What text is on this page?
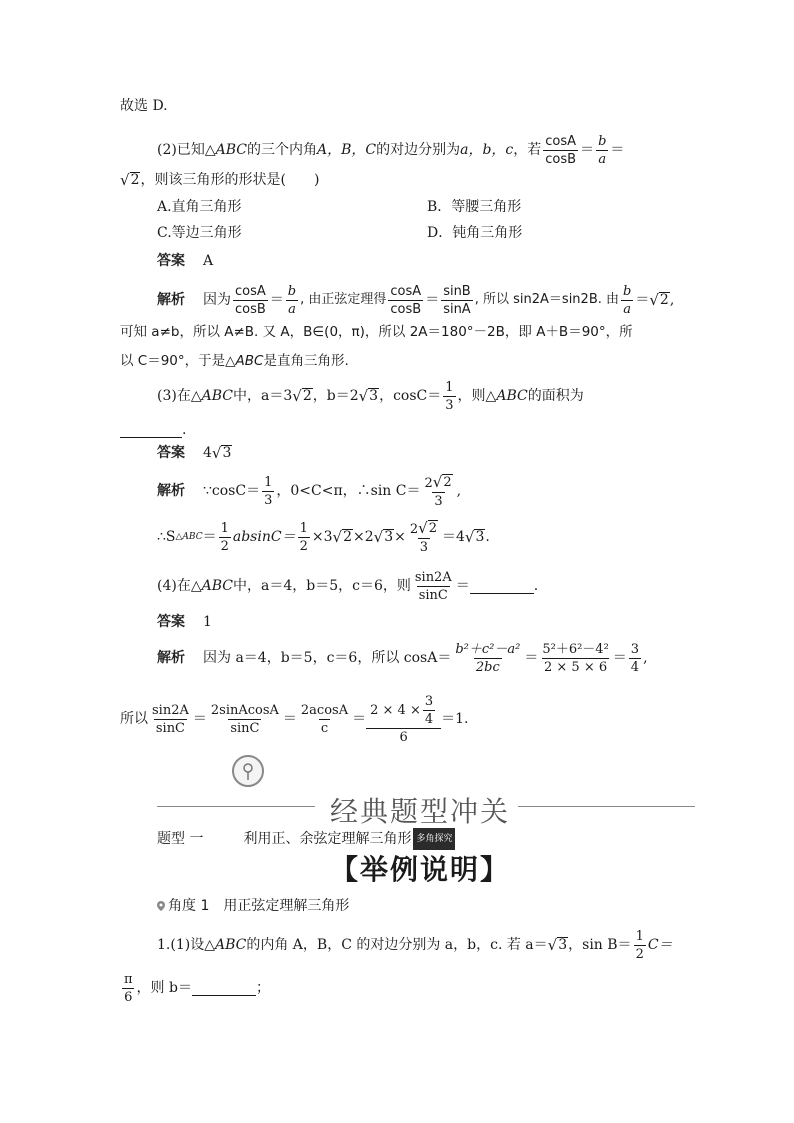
故选 D.
(2)已知△ ABC 的三个内角 A，B，C 的对边分别为 a，b，c ，若 $\frac{\cos A}{\cos B} = \frac{b}{a}$ ＝
√ 2 ，则该三角形的形状是(　　)
A.直角三角形	B．等腰三角形
C.等边三角形	D．钝角三角形
答案 A
解析 因为 $\frac{\cos A}{\cos B} = \frac{b}{a}$ , 由正弦定理得 $\frac{\cos A}{\cos B} = \frac{\sin B}{\sin A}$ , 所以 sin2A＝sin2B. 由 $\frac{b}{a}$ ＝ √ 2 ,
可知 a≠b，所以 A≠B. 又 A，B∈(0，π)，所以 2A＝180°－2B，即 A＋B＝90°，所
以 C＝90°，于是△ ABC 是直角三角形.
(3)在△ ABC 中，a＝3 √ 2 ，b＝2 √ 3 ，$\cos C= \frac{1}{3}$ ，则△ ABC 的面积为
.
答案 4 √ 3
解析 ∵cosC＝ $\frac{1}{3}$ ，0<C<π，∴sin $C= \frac{2 √ 2}{3}$ ,
∴S △ABC ＝ $\frac{1}{2} absinC= \frac{1}{2} \times 3$ √ 2 ×2 √ $3 \times \frac{2 √ 2}{3} =4$ √ 3 .
(4)在△ ABC 中，a＝4，b＝5，c＝6，则 $\frac{\sin 2A}{\sin C}$ ＝	.
答案 1
解析 因为 a＝4，b＝5，c＝6，所以 $\cos A= \frac{\text{b²＋c²－a²}}{2bc} = \frac{\text{5²＋6²－4²}}{2 \times 5 \times 6} = \frac{3}{4}$ ,
所以 $\frac{\sin 2A}{\sin C} = \frac{\text{2sinAcosA}}{\sin C} = \frac{2acosA}{c} = \frac{2 \times 4 \times \frac{3}{4}}{6} =1$.
经典题型冲关
题型 一	利用正、余弦定理解三角形 多角探究
【举例说明】
角度 1 用正弦定理解三角形
1.(1)设△ ABC 的内角 A，B，C 的对边分别为 a，b，c. 若 a＝ √ 3 ，$\sin B= \frac{1}{2} C=$
$\frac{\pi}{6}$ ，则 b＝	；
